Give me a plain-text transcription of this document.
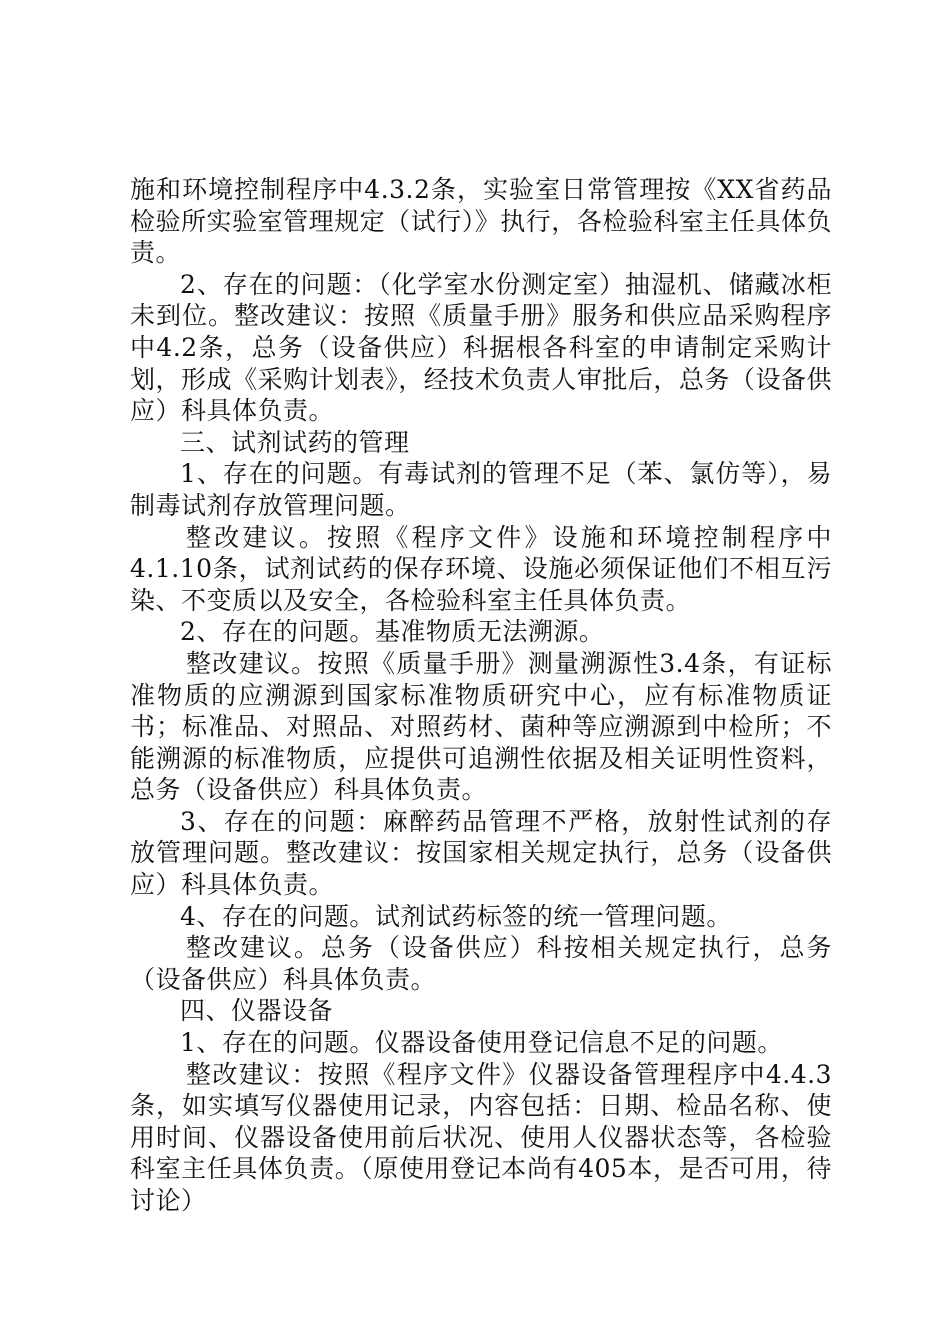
施和环境控制程序中4.3.2条，实验室日常管理按《XX省药品检验所实验室管理规定（试行）》执行，各检验科室主任具体负责。

2、存在的问题：（化学室水份测定室）抽湿机、储藏冰柜未到位。整改建议：按照《质量手册》服务和供应品采购程序中4.2条，总务（设备供应）科据根各科室的申请制定采购计划，形成《采购计划表》，经技术负责人审批后，总务（设备供应）科具体负责。

三、试剂试药的管理

1、存在的问题。有毒试剂的管理不足（苯、氯仿等），易制毒试剂存放管理问题。

整改建议。按照《程序文件》设施和环境控制程序中4.1.10条，试剂试药的保存环境、设施必须保证他们不相互污染、不变质以及安全，各检验科室主任具体负责。

2、存在的问题。基准物质无法溯源。

整改建议。按照《质量手册》测量溯源性3.4条，有证标准物质的应溯源到国家标准物质研究中心，应有标准物质证书；标准品、对照品、对照药材、菌种等应溯源到中检所；不能溯源的标准物质，应提供可追溯性依据及相关证明性资料，总务（设备供应）科具体负责。

3、存在的问题：麻醉药品管理不严格，放射性试剂的存放管理问题。整改建议：按国家相关规定执行，总务（设备供应）科具体负责。

4、存在的问题。试剂试药标签的统一管理问题。

整改建议。总务（设备供应）科按相关规定执行，总务（设备供应）科具体负责。

四、仪器设备

1、存在的问题。仪器设备使用登记信息不足的问题。

整改建议：按照《程序文件》仪器设备管理程序中4.4.3条，如实填写仪器使用记录，内容包括：日期、检品名称、使用时间、仪器设备使用前后状况、使用人仪器状态等，各检验科室主任具体负责。（原使用登记本尚有405本，是否可用，待讨论）
